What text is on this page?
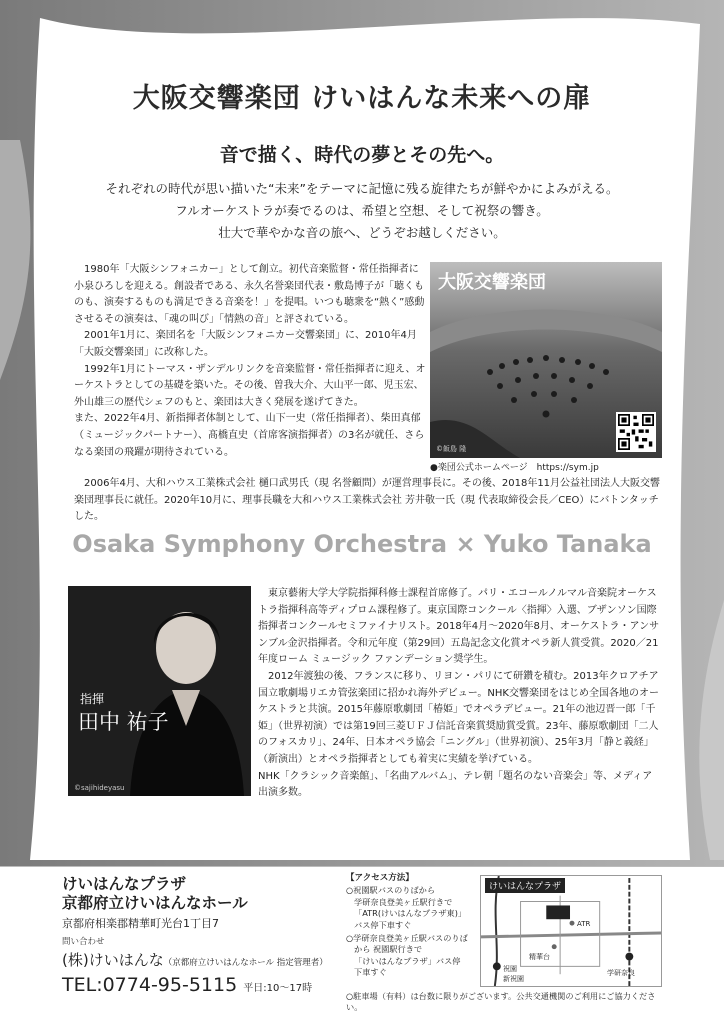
大阪交響楽団 けいはんな未来への扉
音で描く、時代の夢とその先へ。
それぞれの時代が思い描いた“未来”をテーマに記憶に残る旋律たちが鮮やかによみがえる。
フルオーケストラが奏でるのは、希望と空想、そして祝祭の響き。
壮大で華やかな音の旅へ、どうぞお越しください。

1980年「大阪シンフォニカー」として創立。初代音楽監督・常任指揮者に小泉ひろしを迎える。創設者である、永久名誉楽団代表・敷島博子が「聴くものも、演奏するものも満足できる音楽を！」を提唱。いつも聴衆を“熱く”感動させるその演奏は、「魂の叫び」「情熱の音」と評されている。

2001年1月に、楽団名を「大阪シンフォニカー交響楽団」に、2010年4月「大阪交響楽団」に改称した。

1992年1月にトーマス・ザンデルリンクを音楽監督・常任指揮者に迎え、オーケストラとしての基礎を築いた。その後、曽我大介、大山平一郎、児玉宏、外山雄三の歴代シェフのもと、楽団は大きく発展を遂げてきた。

また、2022年4月、新指揮者体制として、山下一史（常任指揮者）、柴田真郁（ミュージックパートナー）、髙橋直史（首席客演指揮者）の3名が就任、さらなる楽団の飛躍が期待されている。

大阪交響楽団
©飯島 隆
●楽団公式ホームページ　https://sym.jp

2006年4月、大和ハウス工業株式会社 樋口武男氏（現 名誉顧問）が運営理事長に。その後、2018年11月公益社団法人大阪交響楽団理事長に就任。2020年10月に、理事長職を大和ハウス工業株式会社 芳井敬一氏（現 代表取締役会長／CEO）にバトンタッチした。

Osaka Symphony Orchestra × Yuko Tanaka
指揮
田中 祐子
©sajihideyasu

東京藝術大学大学院指揮科修士課程首席修了。パリ・エコールノルマル音楽院オーケストラ指揮科高等ディプロム課程修了。東京国際コンクール〈指揮〉入選、ブザンソン国際指揮者コンクールセミファイナリスト。2018年4月〜2020年8月、オーケストラ・アンサンブル金沢指揮者。令和元年度（第29回）五島記念文化賞オペラ新人賞受賞。2020／21年度ローム ミュージック ファンデーション奨学生。

2012年渡独の後、フランスに移り、リヨン・パリにて研鑽を積む。2013年クロアチア国立歌劇場リエカ管弦楽団に招かれ海外デビュー。NHK交響楽団をはじめ全国各地のオーケストラと共演。2015年藤原歌劇団「椿姫」でオペラデビュー。21年の池辺晋一郎「千姫」（世界初演）では第19回三菱ＵＦＪ信託音楽賞奨励賞受賞。23年、藤原歌劇団「二人のフォスカリ」、24年、日本オペラ協会「ニングル」（世界初演）、25年3月「静と義経」（新演出）とオペラ指揮者としても着実に実績を挙げている。

NHK「クラシック音楽館」、「名曲アルバム」、テレ朝「題名のない音楽会」等、メディア出演多数。

けいはんなプラザ
京都府立けいはんなホール
京都府相楽郡精華町光台1丁目7
問い合わせ
(株)けいはんな（京都府立けいはんなホール 指定管理者）
TEL:0774-95-5115 平日:10〜17時
【アクセス方法】
○祝園駅バスのりばから
学研奈良登美ヶ丘駅行きで
「ATR(けいはんなプラザ東)」
バス停下車すぐ
○学研奈良登美ヶ丘駅バスのりば
から 祝園駅行きで
「けいはんなプラザ」バス停
下車すぐ
けいはんなプラザ
ATR
祝園
新祝園
精華台
学研奈良
○駐車場（有料）は台数に限りがございます。公共交通機関のご利用にご協力ください。
